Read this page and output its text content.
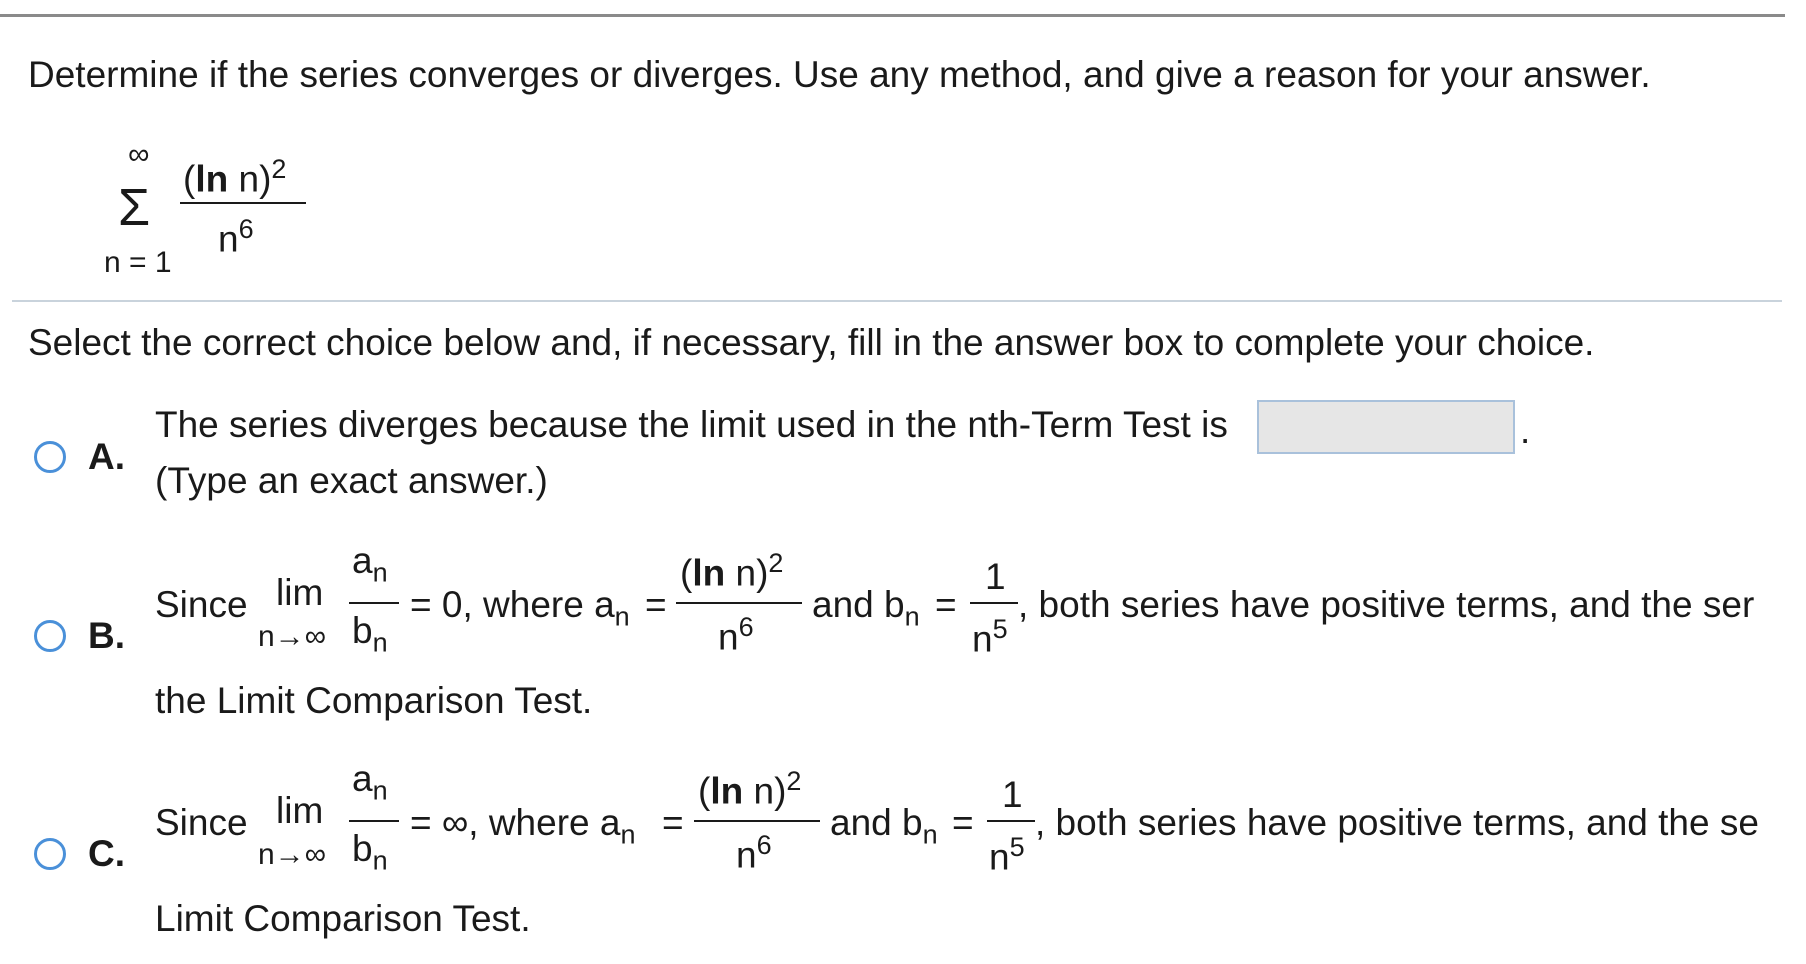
Determine if the series converges or diverges. Use any method, and give a reason for your answer.
∞
Σ
n = 1
(ln n)$^2$
$n^6$
Select the correct choice below and, if necessary, fill in the answer box to complete your choice.
A.
The series diverges because the limit used in the nth-Term Test is	.
(Type an exact answer.)
B.
Since lim
n→∞
$a_n$
$b_n$
= 0, where $a_n$ =
(ln n)$^2$
$n^6$
and $b_n$ =
1
$n^5$
, both series have positive terms, and the ser
the Limit Comparison Test.
C.
Since lim
n→∞
$a_n$
$b_n$
= ∞, where $a_n$ =
(ln n)$^2$
$n^6$
and $b_n$ =
1
$n^5$
, both series have positive terms, and the se
Limit Comparison Test.
